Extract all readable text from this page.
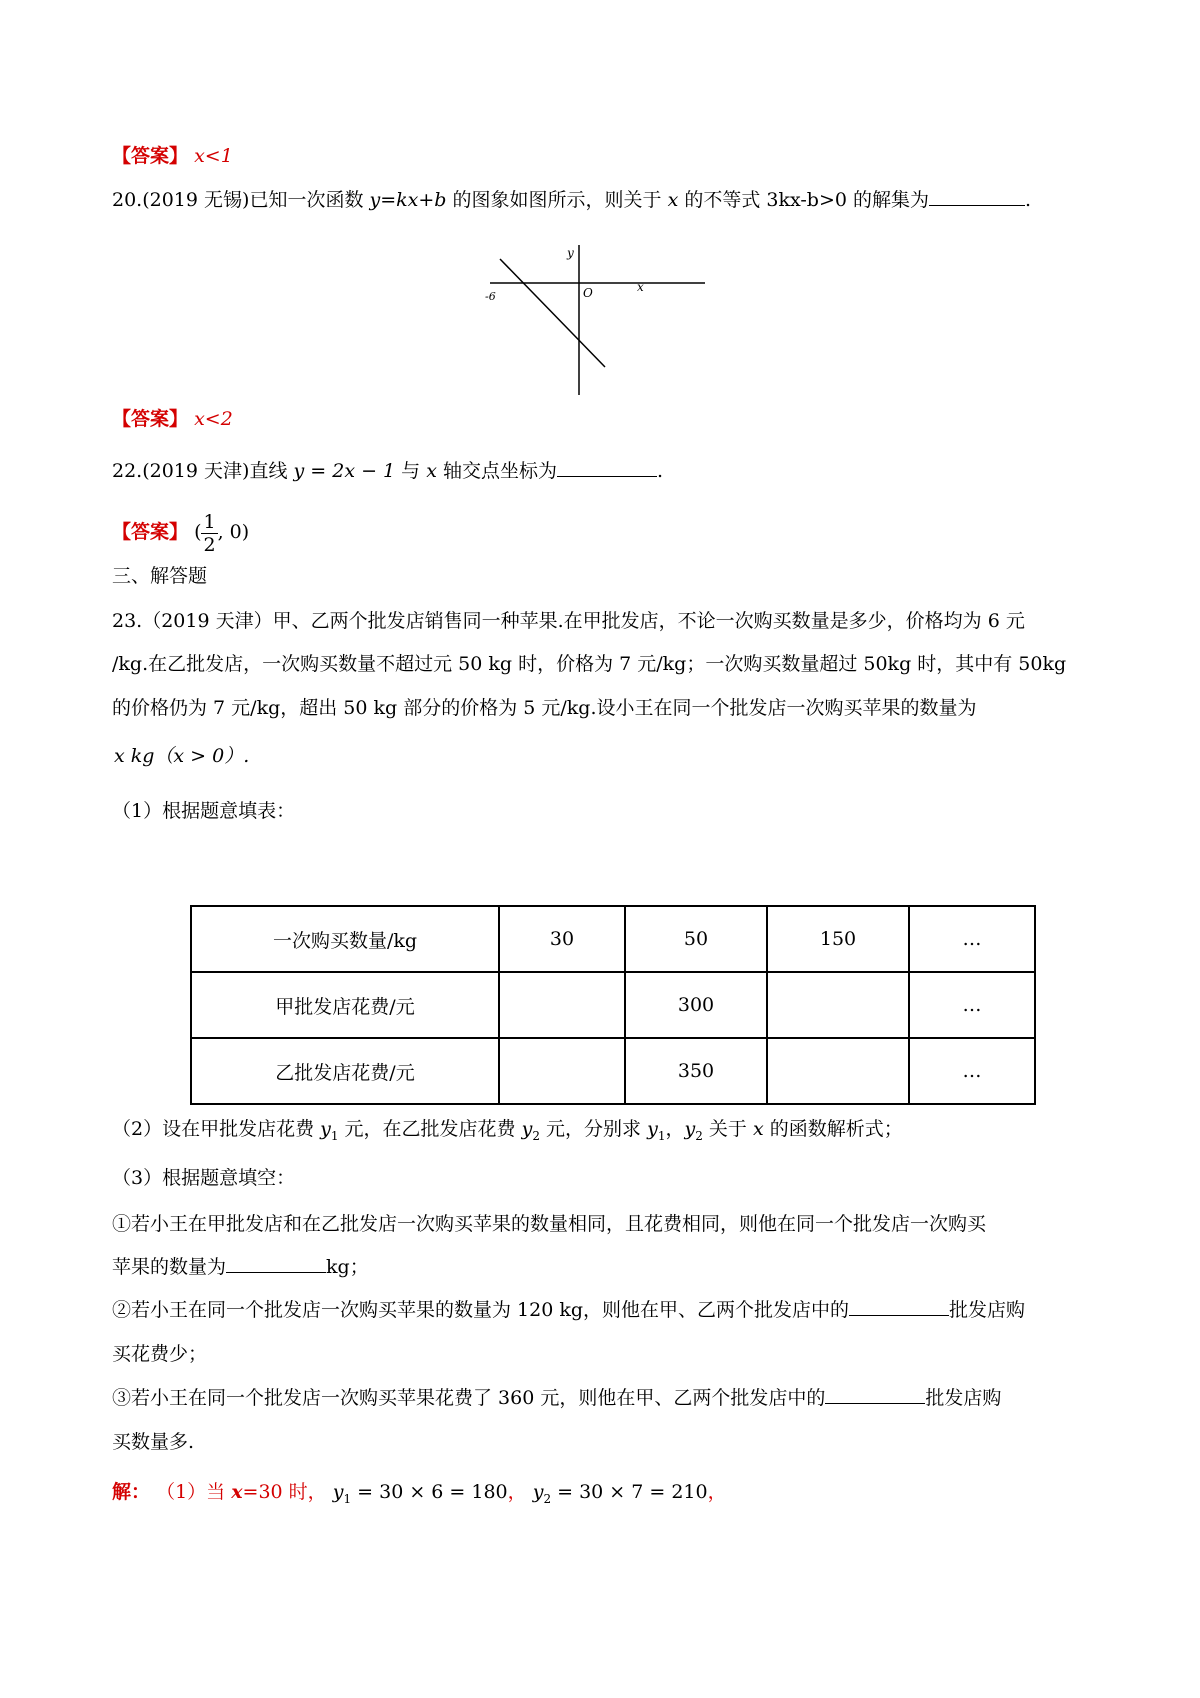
【答案】 x<1
20.(2019 无锡)已知一次函数 y=kx+b 的图象如图所示，则关于 x 的不等式 3kx-b>0 的解集为	.
y
x
O
-6
【答案】 x<2
22.(2019 天津)直线 y = 2x − 1 与 x 轴交点坐标为	.
【答案】 ( $\frac{1}{2}$ , 0)
三、解答题
23.（2019 天津）甲、乙两个批发店销售同一种苹果.在甲批发店，不论一次购买数量是多少，价格均为 6 元
/kg.在乙批发店，一次购买数量不超过元 50 kg 时，价格为 7 元/kg；一次购买数量超过 50kg 时，其中有 50kg
的价格仍为 7 元/kg，超出 50 kg 部分的价格为 5 元/kg.设小王在同一个批发店一次购买苹果的数量为
x kg（x > 0）.
（1）根据题意填表：
一次购买数量/kg	30	50	150	…
甲批发店花费/元		300		…
乙批发店花费/元		350		…
（2）设在甲批发店花费 $y_1$ 元，在乙批发店花费 $y_2$ 元，分别求 $y_1$，$y_2$ 关于 x 的函数解析式；
（3）根据题意填空：
①若小王在甲批发店和在乙批发店一次购买苹果的数量相同，且花费相同，则他在同一个批发店一次购买
苹果的数量为	kg；
②若小王在同一个批发店一次购买苹果的数量为 120 kg，则他在甲、乙两个批发店中的	批发店购
买花费少；
③若小王在同一个批发店一次购买苹果花费了 360 元，则他在甲、乙两个批发店中的	批发店购
买数量多.
解： （1）当 x=30 时， $y_1 = 30 \times 6 = 180$， $y_2 = 30 \times 7 = 210$，
